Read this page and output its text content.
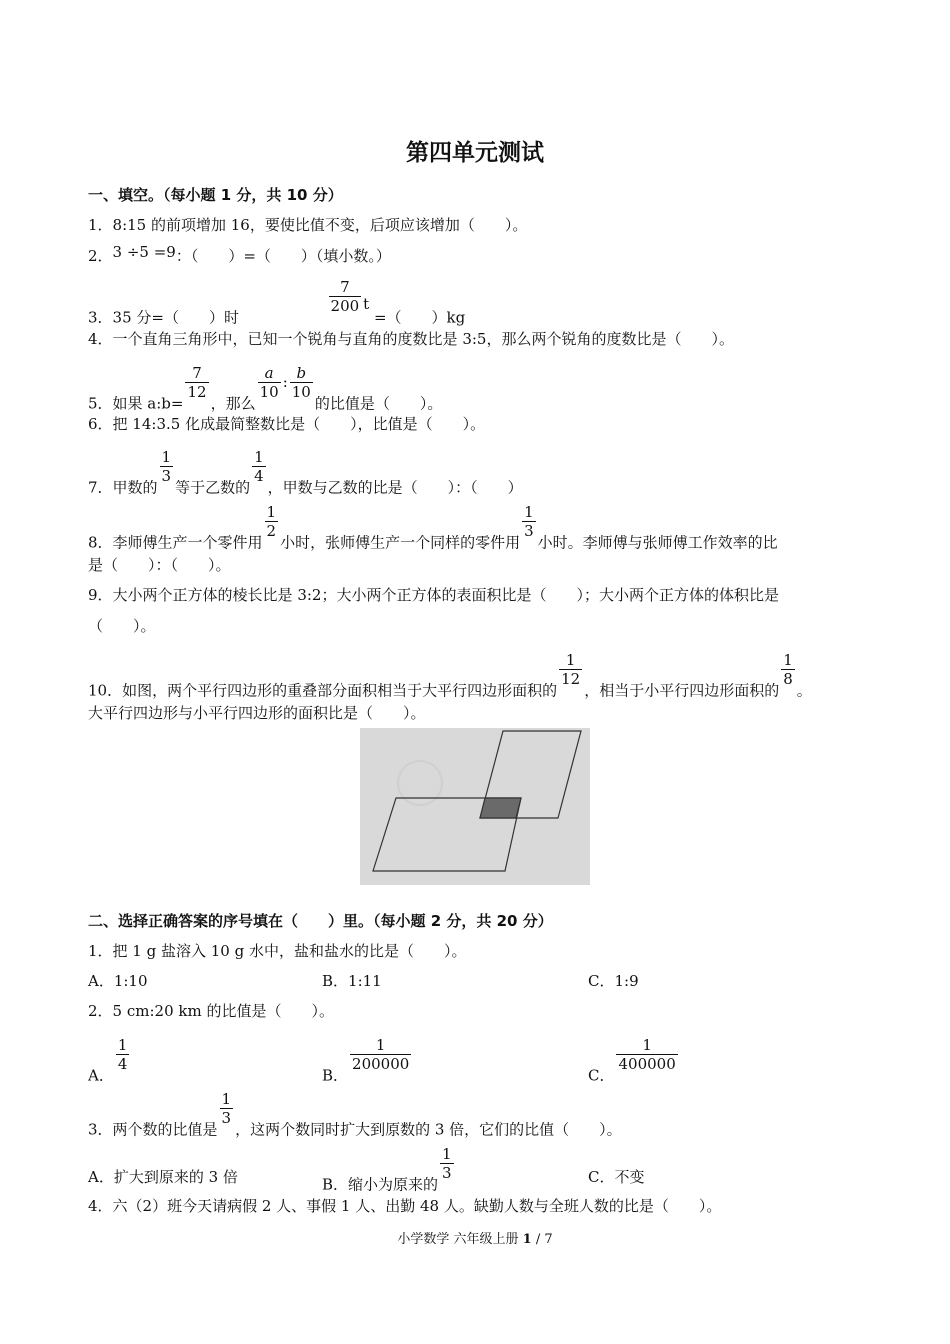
第四单元测试
一、填空。（每小题 1 分，共 10 分）
1．8:15 的前项增加 16，要使比值不变，后项应该增加（　　）。
2．3 ÷5 =9：（　　）=（　　）（填小数。）
3．35 分=（　　）时
$\frac{7}{200}$ t =（　　）kg
4．一个直角三角形中，已知一个锐角与直角的度数比是 3:5，那么两个锐角的度数比是（　　）。
5．如果 a:b=
$\frac{7}{12}$
，那么
$\frac{a}{10}$ : $\frac{b}{10}$
的比值是（　　）。
6．把 14:3.5 化成最简整数比是（　　），比值是（　　）。
7．甲数的
$\frac{1}{3}$
等于乙数的
$\frac{1}{4}$
，甲数与乙数的比是（　　）：（　　）
8．李师傅生产一个零件用
$\frac{1}{2}$
小时，张师傅生产一个同样的零件用
$\frac{1}{3}$
小时。李师傅与张师傅工作效率的比
是（　　）：（　　）。
9．大小两个正方体的棱长比是 3:2；大小两个正方体的表面积比是（　　）；大小两个正方体的体积比是
（　　）。
10．如图，两个平行四边形的重叠部分面积相当于大平行四边形面积的
$\frac{1}{12}$
，相当于小平行四边形面积的
$\frac{1}{8}$
。
大平行四边形与小平行四边形的面积比是（　　）。
二、选择正确答案的序号填在（　　）里。（每小题 2 分，共 20 分）
1．把 1 g 盐溶入 10 g 水中，盐和盐水的比是（　　）。
A．1:10	B．1:11	C．1:9
2．5 cm:20 km 的比值是（　　）。
A．
$\frac{1}{4}$
B．
$\frac{1}{200000}$
C．
$\frac{1}{400000}$
3．两个数的比值是
$\frac{1}{3}$
，这两个数同时扩大到原数的 3 倍，它们的比值（　　）。
A．扩大到原来的 3 倍	B．缩小为原来的
$\frac{1}{3}$	C．不变
4．六（2）班今天请病假 2 人、事假 1 人、出勤 48 人。缺勤人数与全班人数的比是（　　）。
小学数学 六年级上册 1 / 7
